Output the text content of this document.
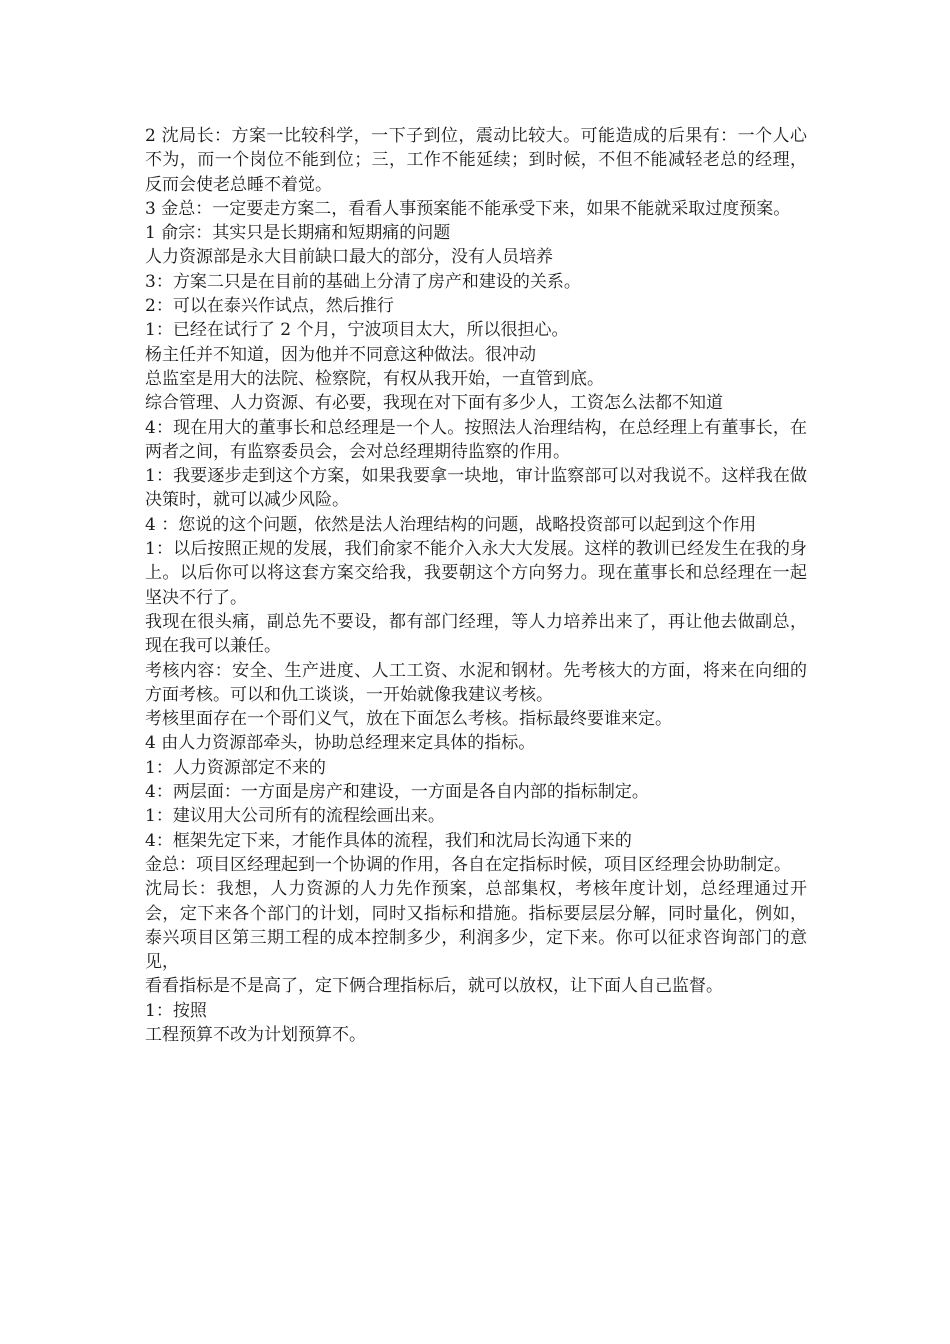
2 沈局长：方案一比较科学，一下子到位，震动比较大。可能造成的后果有：一个人心不为，而一个岗位不能到位；三，工作不能延续；到时候，不但不能减轻老总的经理，反而会使老总睡不着觉。

3 金总：一定要走方案二，看看人事预案能不能承受下来，如果不能就采取过度预案。

1 俞宗：其实只是长期痛和短期痛的问题

人力资源部是永大目前缺口最大的部分，没有人员培养

3：方案二只是在目前的基础上分清了房产和建设的关系。

2：可以在泰兴作试点，然后推行

1：已经在试行了 2 个月，宁波项目太大，所以很担心。

杨主任并不知道，因为他并不同意这种做法。很冲动

总监室是用大的法院、检察院，有权从我开始，一直管到底。

综合管理、人力资源、有必要，我现在对下面有多少人，工资怎么法都不知道

4：现在用大的董事长和总经理是一个人。按照法人治理结构，在总经理上有董事长，在两者之间，有监察委员会，会对总经理期待监察的作用。

1：我要逐步走到这个方案，如果我要拿一块地，审计监察部可以对我说不。这样我在做决策时，就可以减少风险。

4 ：您说的这个问题，依然是法人治理结构的问题，战略投资部可以起到这个作用

1：以后按照正规的发展，我们俞家不能介入永大大发展。这样的教训已经发生在我的身上。以后你可以将这套方案交给我，我要朝这个方向努力。现在董事长和总经理在一起坚决不行了。

我现在很头痛，副总先不要设，都有部门经理，等人力培养出来了，再让他去做副总，现在我可以兼任。

考核内容：安全、生产进度、人工工资、水泥和钢材。先考核大的方面，将来在向细的方面考核。可以和仇工谈谈，一开始就像我建议考核。

考核里面存在一个哥们义气，放在下面怎么考核。指标最终要谁来定。

4 由人力资源部牵头，协助总经理来定具体的指标。

1：人力资源部定不来的

4：两层面：一方面是房产和建设，一方面是各自内部的指标制定。

1：建议用大公司所有的流程绘画出来。

4：框架先定下来，才能作具体的流程，我们和沈局长沟通下来的

金总：项目区经理起到一个协调的作用，各自在定指标时候，项目区经理会协助制定。

沈局长：我想，人力资源的人力先作预案，总部集权，考核年度计划，总经理通过开会，定下来各个部门的计划，同时又指标和措施。指标要层层分解，同时量化，例如，泰兴项目区第三期工程的成本控制多少，利润多少，定下来。你可以征求咨询部门的意见，

看看指标是不是高了，定下俩合理指标后，就可以放权，让下面人自己监督。

1：按照

工程预算不改为计划预算不。
